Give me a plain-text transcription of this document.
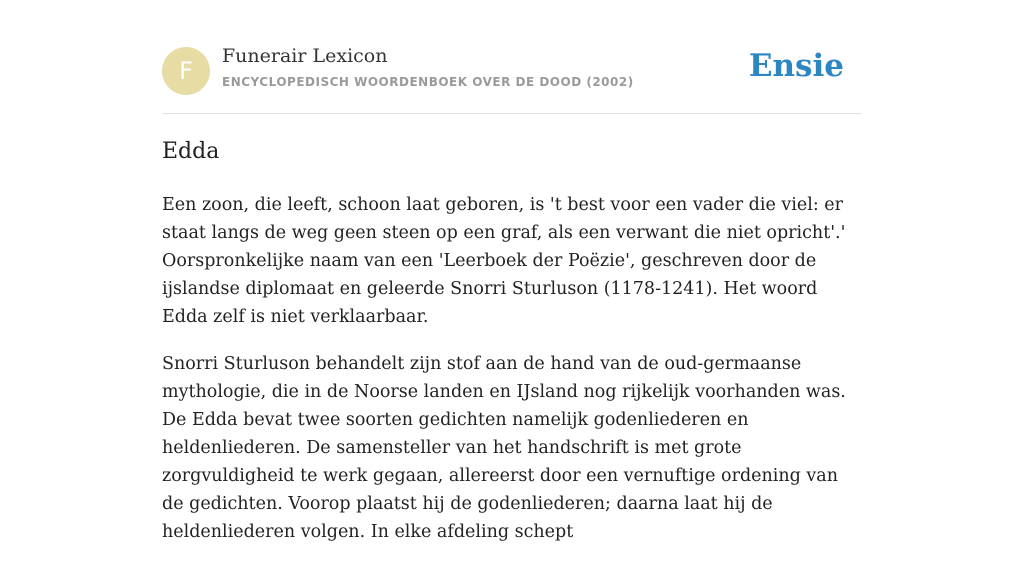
F
Funerair Lexicon
ENCYCLOPEDISCH WOORDENBOEK OVER DE DOOD (2002)	Ensie
Edda

Een zoon, die leeft, schoon laat geboren, is 't best voor een vader die viel: er staat langs de weg geen steen op een graf, als een verwant die niet opricht'.' Oorspronkelijke naam van een 'Leerboek der Poëzie', geschreven door de ijslandse diplomaat en geleerde Snorri Sturluson (1178-1241). Het woord Edda zelf is niet verklaarbaar.

Snorri Sturluson behandelt zijn stof aan de hand van de oud-germaanse mythologie, die in de Noorse landen en IJsland nog rijkelijk voorhanden was. De Edda bevat twee soorten gedichten namelijk godenliederen en heldenliederen. De samensteller van het handschrift is met grote zorgvuldigheid te werk gegaan, allereerst door een vernuftige ordening van de gedichten. Voorop plaatst hij de godenliederen; daarna laat hij de heldenliederen volgen. In elke afdeling schept
